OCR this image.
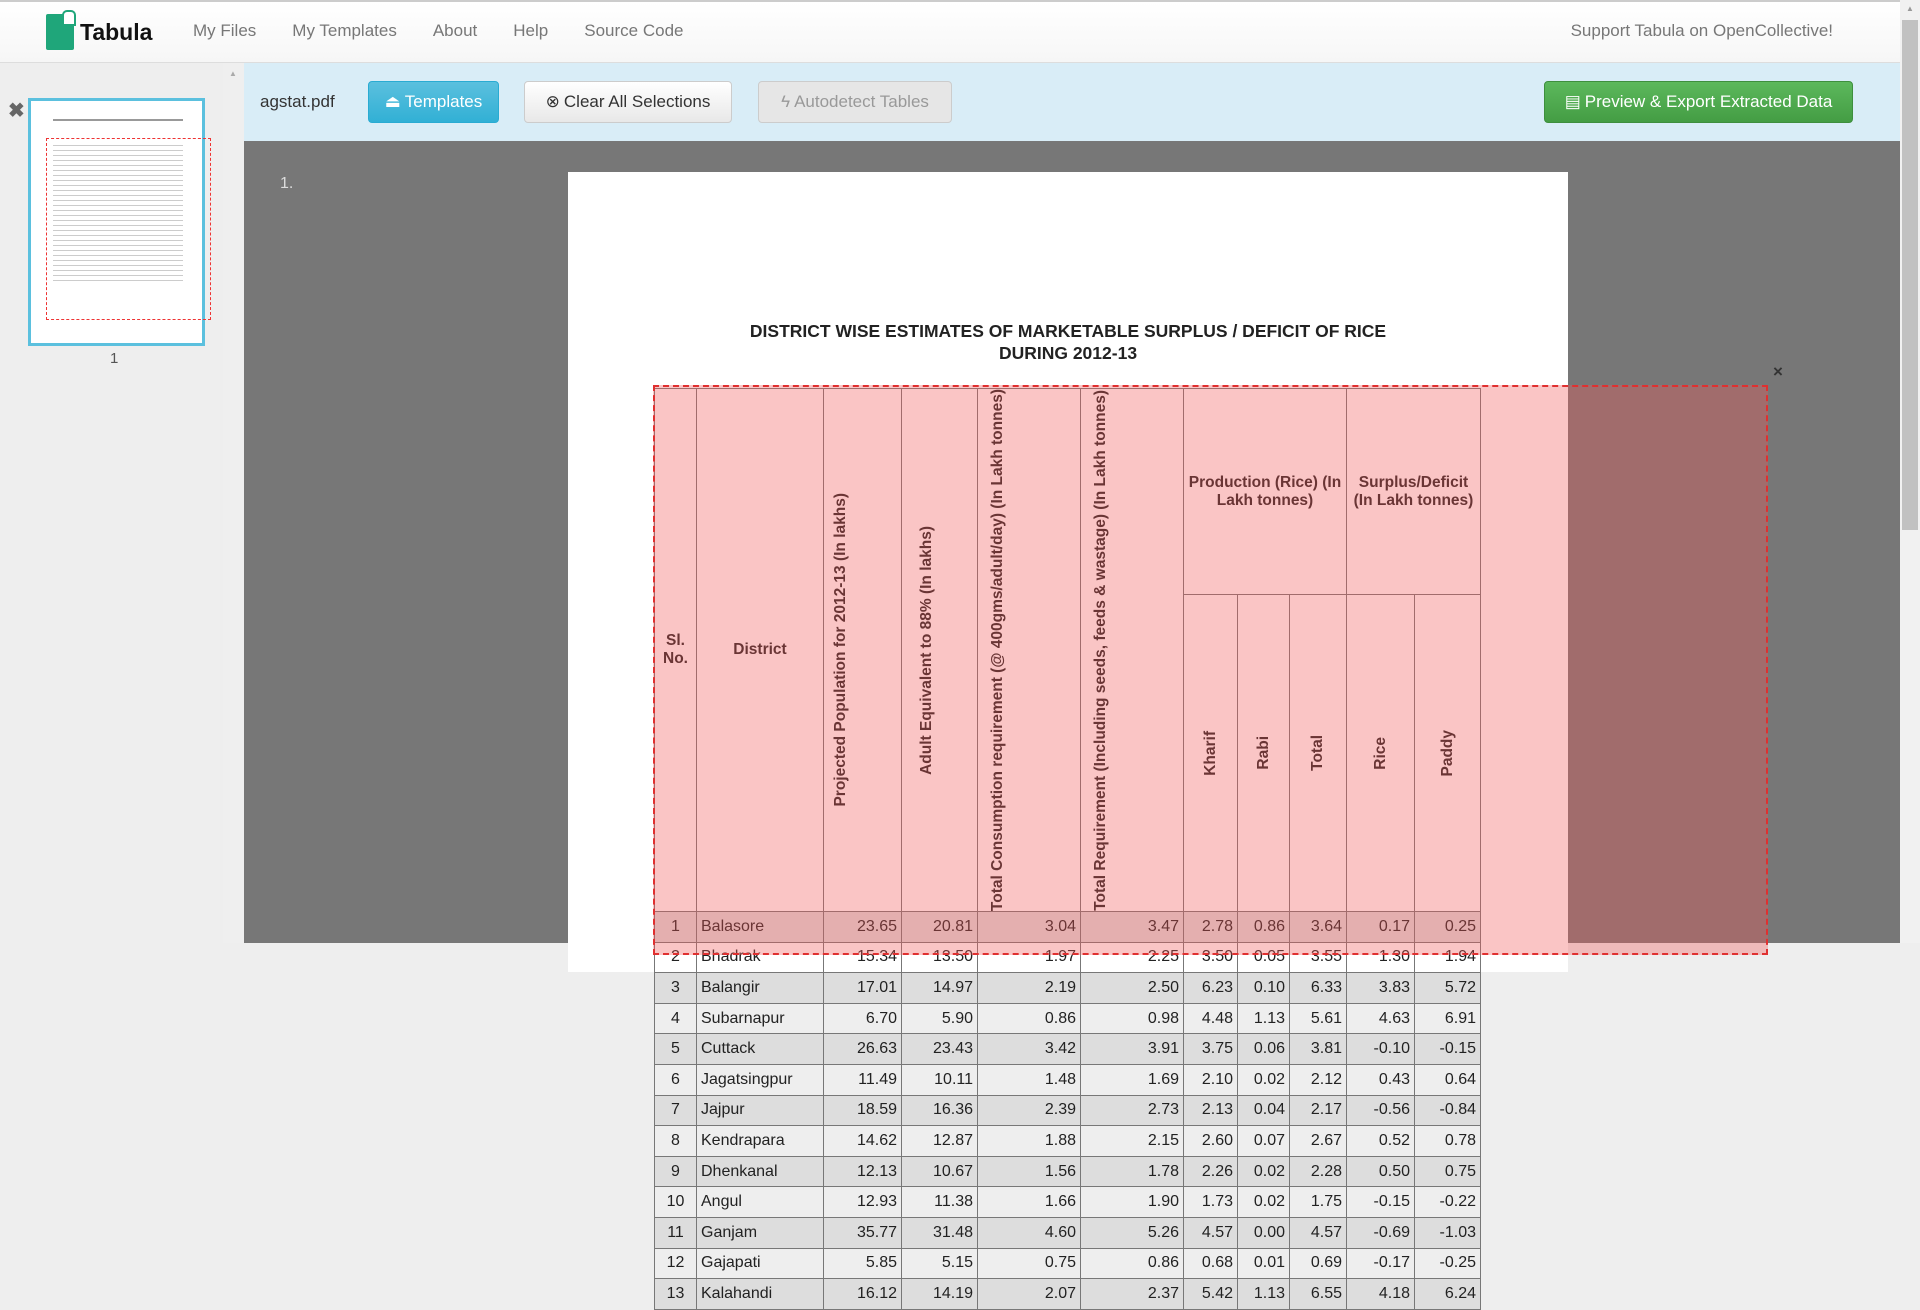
Tabula My Files My Templates About Help Source Code	Support Tabula on OpenCollective!
▲
✖
1
agstat.pdf	⏏ Templates	⊗ Clear All Selections	ϟ Autodetect Tables	▤ Preview & Export Extracted Data
1.
DISTRICT WISE ESTIMATES OF MARKETABLE SURPLUS / DEFICIT OF RICE
DURING 2012-13
Sl. No.	District	Projected Population for 2012-13 (In lakhs)	Adult Equivalent to 88% (In lakhs)	Total Consumption requirement (@ 400gms/adult/day) (In Lakh tonnes)	Total Requirement (Including seeds, feeds & wastage) (In Lakh tonnes)	Production (Rice) (In Lakh tonnes)			Surplus/Deficit (In Lakh tonnes)	

						Kharif	Rabi	Total	Rice	Paddy

1	Balasore	23.65	20.81	3.04	3.47	2.78	0.86	3.64	0.17	0.25
2	Bhadrak	15.34	13.50	1.97	2.25	3.50	0.05	3.55	1.30	1.94
3	Balangir	17.01	14.97	2.19	2.50	6.23	0.10	6.33	3.83	5.72
4	Subarnapur	6.70	5.90	0.86	0.98	4.48	1.13	5.61	4.63	6.91
5	Cuttack	26.63	23.43	3.42	3.91	3.75	0.06	3.81	-0.10	-0.15
6	Jagatsingpur	11.49	10.11	1.48	1.69	2.10	0.02	2.12	0.43	0.64
7	Jajpur	18.59	16.36	2.39	2.73	2.13	0.04	2.17	-0.56	-0.84
8	Kendrapara	14.62	12.87	1.88	2.15	2.60	0.07	2.67	0.52	0.78
9	Dhenkanal	12.13	10.67	1.56	1.78	2.26	0.02	2.28	0.50	0.75
10	Angul	12.93	11.38	1.66	1.90	1.73	0.02	1.75	-0.15	-0.22
11	Ganjam	35.77	31.48	4.60	5.26	4.57	0.00	4.57	-0.69	-1.03
12	Gajapati	5.85	5.15	0.75	0.86	0.68	0.01	0.69	-0.17	-0.25
13	Kalahandi	16.12	14.19	2.07	2.37	5.42	1.13	6.55	4.18	6.24
×
▲
